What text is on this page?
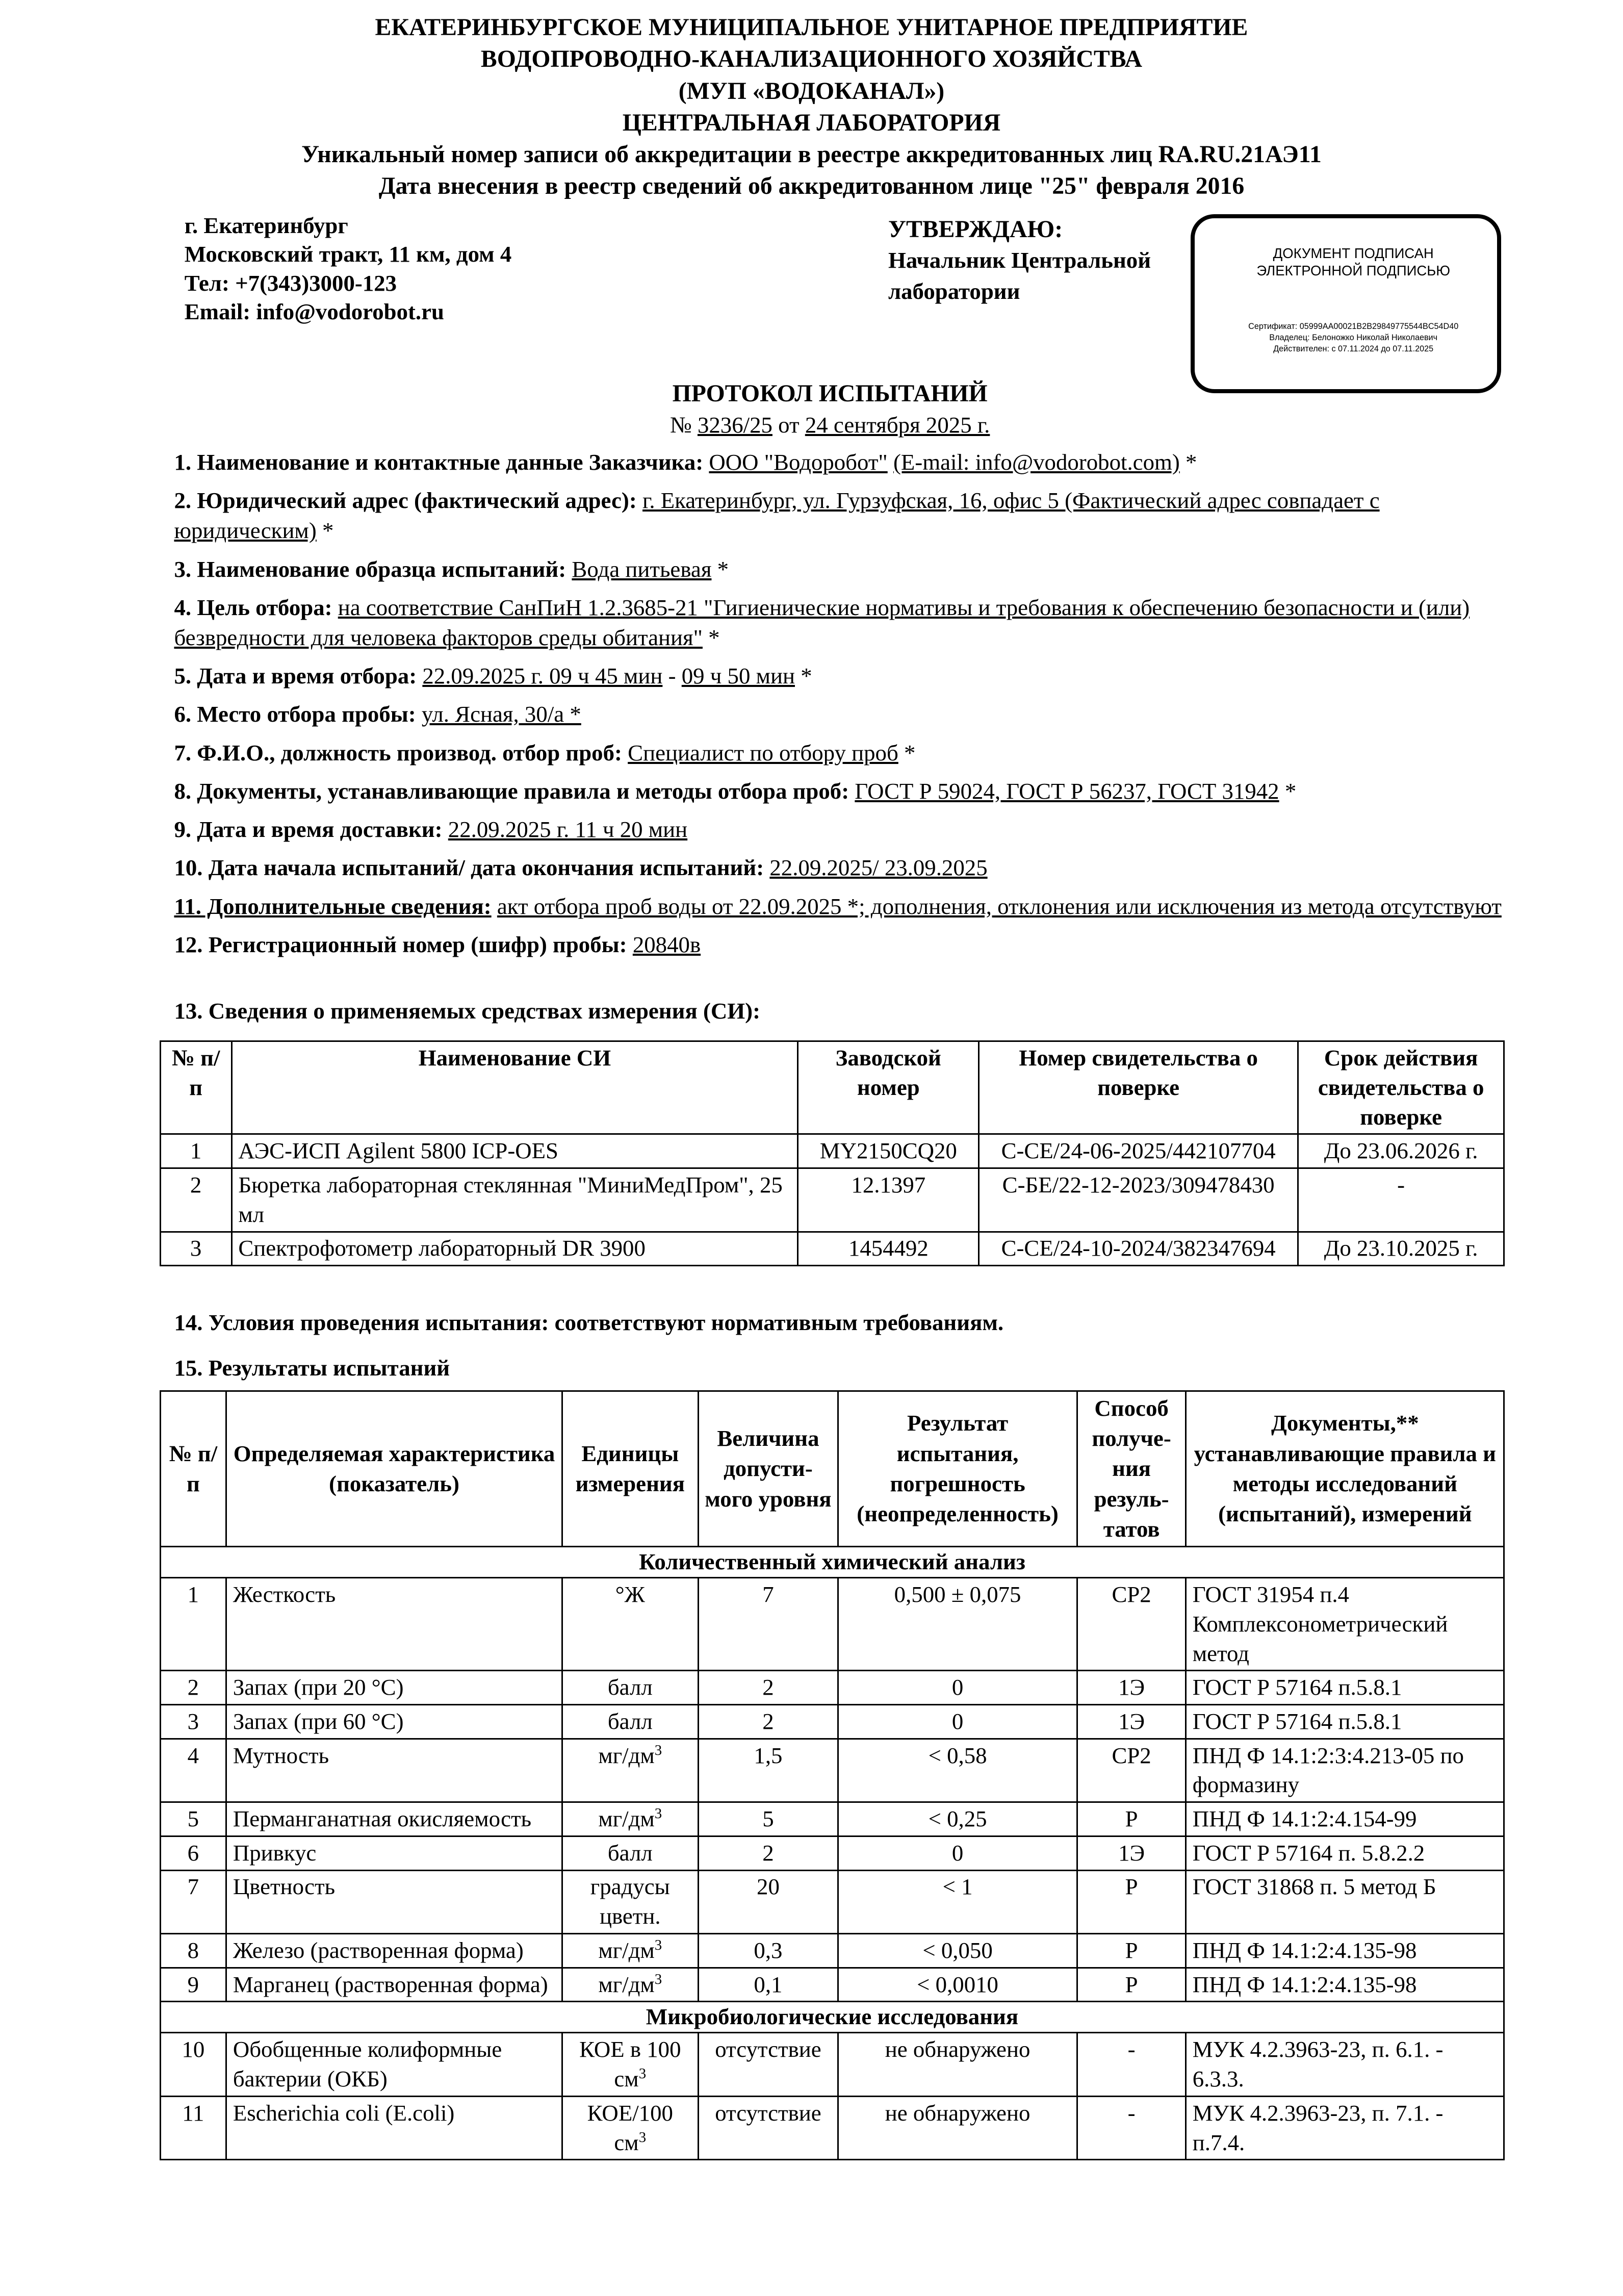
ЕКАТЕРИНБУРГСКОЕ МУНИЦИПАЛЬНОЕ УНИТАРНОЕ ПРЕДПРИЯТИЕ
ВОДОПРОВОДНО-КАНАЛИЗАЦИОННОГО ХОЗЯЙСТВА
(МУП «ВОДОКАНАЛ»)
ЦЕНТРАЛЬНАЯ ЛАБОРАТОРИЯ
Уникальный номер записи об аккредитации в реестре аккредитованных лиц RA.RU.21АЭ11
Дата внесения в реестр сведений об аккредитованном лице "25" февраля 2016
г. Екатеринбург
Московский тракт, 11 км, дом 4
Тел: +7(343)3000-123
Email: info@vodorobot.ru
УТВЕРЖДАЮ:
Начальник Центральной
лаборатории
ДОКУМЕНТ ПОДПИСАН
ЭЛЕКТРОННОЙ ПОДПИСЬЮ
Сертификат: 05999AA00021B2B29849775544BC54D40
Владелец: Белоножко Николай Николаевич
Действителен: с 07.11.2024 до 07.11.2025
ПРОТОКОЛ ИСПЫТАНИЙ
№ 3236/25 от 24 сентября 2025 г.
1. Наименование и контактные данные Заказчика: ООО "Водоробот" (E-mail: info@vodorobot.com) *
2. Юридический адрес (фактический адрес): г. Екатеринбург, ул. Гурзуфская, 16, офис 5 (Фактический адрес совпадает с юридическим) *
3. Наименование образца испытаний: Вода питьевая *
4. Цель отбора: на соответствие СанПиН 1.2.3685-21 "Гигиенические нормативы и требования к обеспечению безопасности и (или) безвредности для человека факторов среды обитания" *
5. Дата и время отбора: 22.09.2025 г. 09 ч 45 мин - 09 ч 50 мин *
6. Место отбора пробы: ул. Ясная, 30/а *
7. Ф.И.О., должность производ. отбор проб: Специалист по отбору проб *
8. Документы, устанавливающие правила и методы отбора проб: ГОСТ Р 59024, ГОСТ Р 56237, ГОСТ 31942 *
9. Дата и время доставки: 22.09.2025 г. 11 ч 20 мин
10. Дата начала испытаний/ дата окончания испытаний: 22.09.2025/ 23.09.2025
11. Дополнительные сведения: акт отбора проб воды от 22.09.2025 *; дополнения, отклонения или исключения из метода отсутствуют
12. Регистрационный номер (шифр) пробы: 20840в
13. Сведения о применяемых средствах измерения (СИ):
№ п/п	Наименование СИ	Заводской номер	Номер свидетельства о поверке	Срок действия свидетельства о поверке
1	АЭС-ИСП Agilent 5800 ICP-OES	MY2150CQ20	С-СЕ/24-06-2025/442107704	До 23.06.2026 г.
2	Бюретка лабораторная стеклянная "МиниМедПром", 25 мл	12.1397	С-БЕ/22-12-2023/309478430	-
3	Спектрофотометр лабораторный DR 3900	1454492	С-СЕ/24-10-2024/382347694	До 23.10.2025 г.
14. Условия проведения испытания: соответствуют нормативным требованиям.
15. Результаты испытаний
№ п/п	Определяемая характеристика (показатель)	Единицы измерения	Величина допусти-мого уровня	Результат испытания, погрешность (неопределенность)	Способ получе-ния резуль-татов	Документы,** устанавливающие правила и методы исследований (испытаний), измерений
Количественный химический анализ						
1	Жесткость	°Ж	7	0,500 ± 0,075	СР2	ГОСТ 31954 п.4 Комплексонометрический метод
2	Запах (при 20 °С)	балл	2	0	1Э	ГОСТ Р 57164 п.5.8.1
3	Запах (при 60 °С)	балл	2	0	1Э	ГОСТ Р 57164 п.5.8.1
4	Мутность	$мг/дм^3$	1,5	< 0,58	СР2	ПНД Ф 14.1:2:3:4.213-05 по формазину
5	Перманганатная окисляемость	$мг/дм^3$	5	< 0,25	Р	ПНД Ф 14.1:2:4.154-99
6	Привкус	балл	2	0	1Э	ГОСТ Р 57164 п. 5.8.2.2
7	Цветность	градусы цветн.	20	< 1	Р	ГОСТ 31868 п. 5 метод Б
8	Железо (растворенная форма)	$мг/дм^3$	0,3	< 0,050	Р	ПНД Ф 14.1:2:4.135-98
9	Марганец (растворенная форма)	$мг/дм^3$	0,1	< 0,0010	Р	ПНД Ф 14.1:2:4.135-98
Микробиологические исследования						
10	Обобщенные колиформные бактерии (ОКБ)	КОЕ в 100 $см^3$	отсутствие	не обнаружено	-	МУК 4.2.3963-23, п. 6.1. - 6.3.3.
11	Escherichia coli (E.coli)	КОЕ/100 $см^3$	отсутствие	не обнаружено	-	МУК 4.2.3963-23, п. 7.1. - п.7.4.
